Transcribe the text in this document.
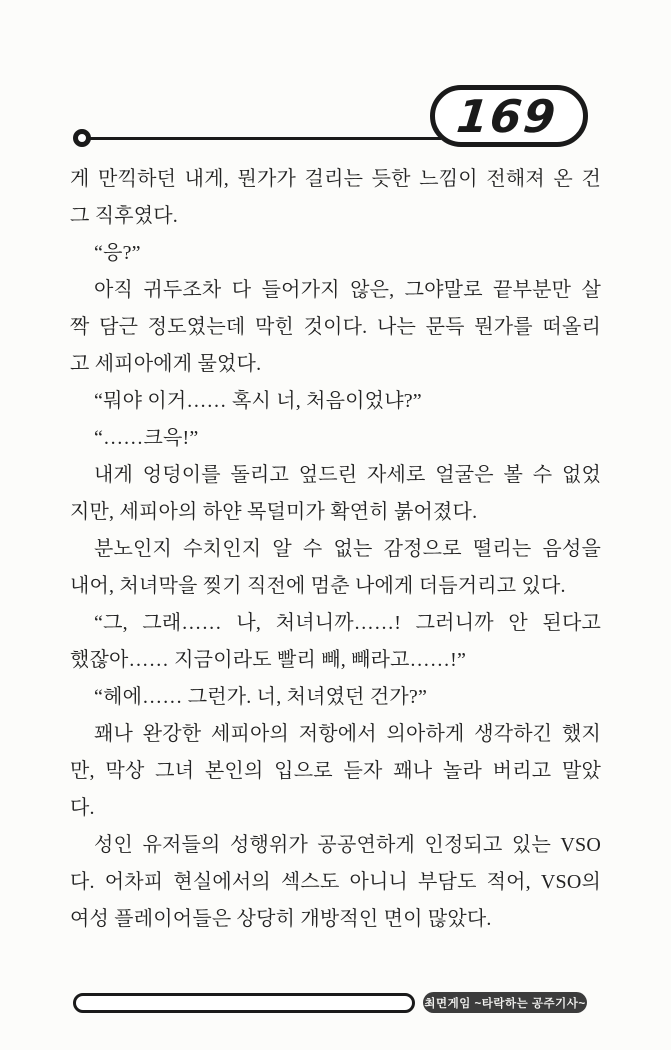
169
게 만끽하던 내게, 뭔가가 걸리는 듯한 느낌이 전해져 온 건
그 직후였다.
“응?”
아직 귀두조차 다 들어가지 않은, 그야말로 끝부분만 살
짝 담근 정도였는데 막힌 것이다. 나는 문득 뭔가를 떠올리
고 세피아에게 물었다.
“뭐야 이거…… 혹시 너, 처음이었냐?”
“……크윽!”
내게 엉덩이를 돌리고 엎드린 자세로 얼굴은 볼 수 없었
지만, 세피아의 하얀 목덜미가 확연히 붉어졌다.
분노인지 수치인지 알 수 없는 감정으로 떨리는 음성을
내어, 처녀막을 찢기 직전에 멈춘 나에게 더듬거리고 있다.
“그, 그래…… 나, 처녀니까……! 그러니까 안 된다고
했잖아…… 지금이라도 빨리 빼, 빼라고……!”
“헤에…… 그런가. 너, 처녀였던 건가?”
꽤나 완강한 세피아의 저항에서 의아하게 생각하긴 했지
만, 막상 그녀 본인의 입으로 듣자 꽤나 놀라 버리고 말았
다.
성인 유저들의 성행위가 공공연하게 인정되고 있는 VSO
다. 어차피 현실에서의 섹스도 아니니 부담도 적어, VSO의
여성 플레이어들은 상당히 개방적인 면이 많았다.
최면게임 ~타락하는 공주기사~
